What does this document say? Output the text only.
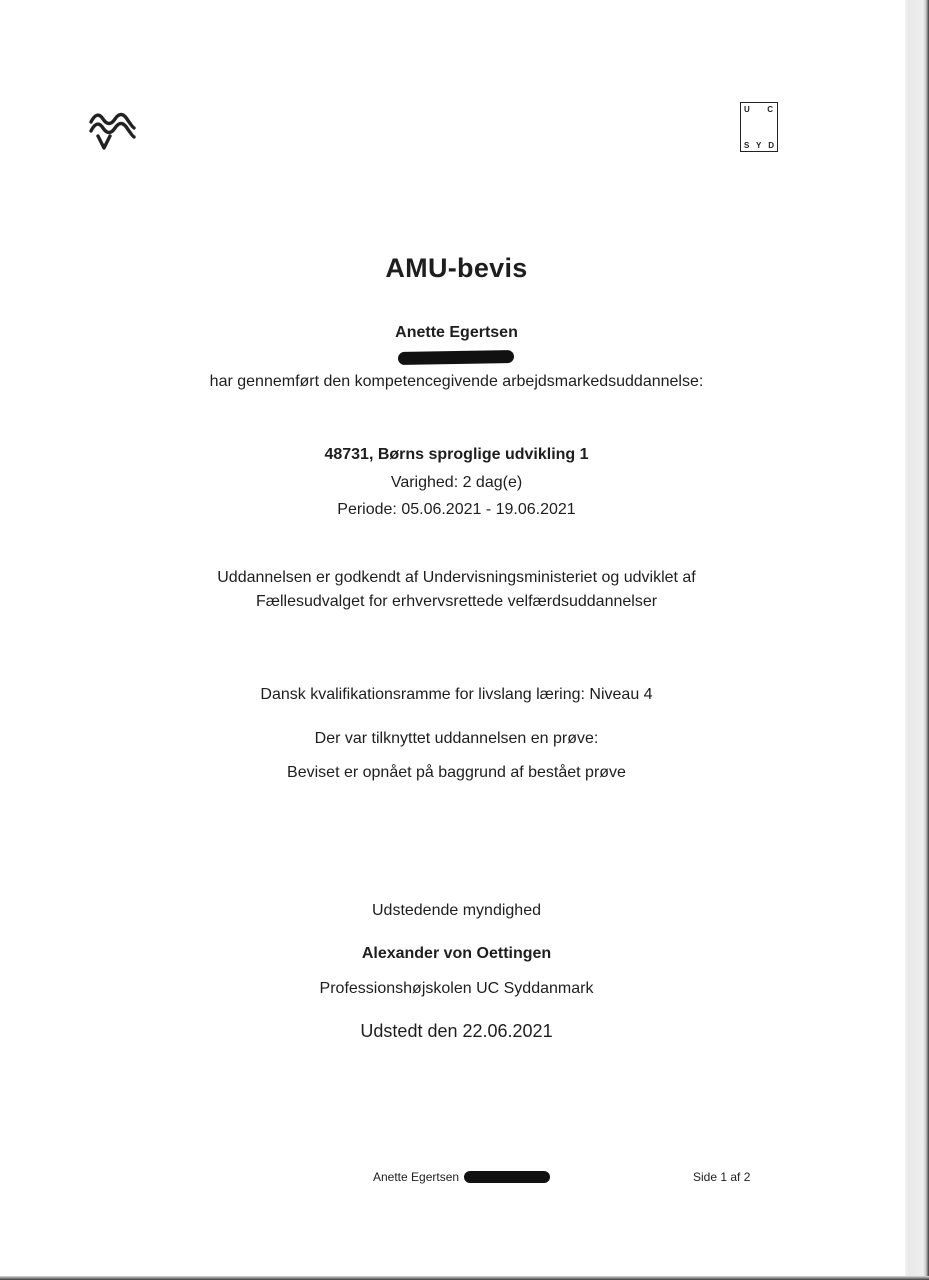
U C
S Y D
AMU-bevis
Anette Egertsen
har gennemført den kompetencegivende arbejdsmarkedsuddannelse:
48731, Børns sproglige udvikling 1
Varighed: 2 dag(e)
Periode: 05.06.2021 - 19.06.2021
Uddannelsen er godkendt af Undervisningsministeriet og udviklet af
Fællesudvalget for erhvervsrettede velfærdsuddannelser
Dansk kvalifikationsramme for livslang læring: Niveau 4
Der var tilknyttet uddannelsen en prøve:
Beviset er opnået på baggrund af bestået prøve
Udstedende myndighed
Alexander von Oettingen
Professionshøjskolen UC Syddanmark
Udstedt den 22.06.2021
Anette Egertsen	Side 1 af 2
